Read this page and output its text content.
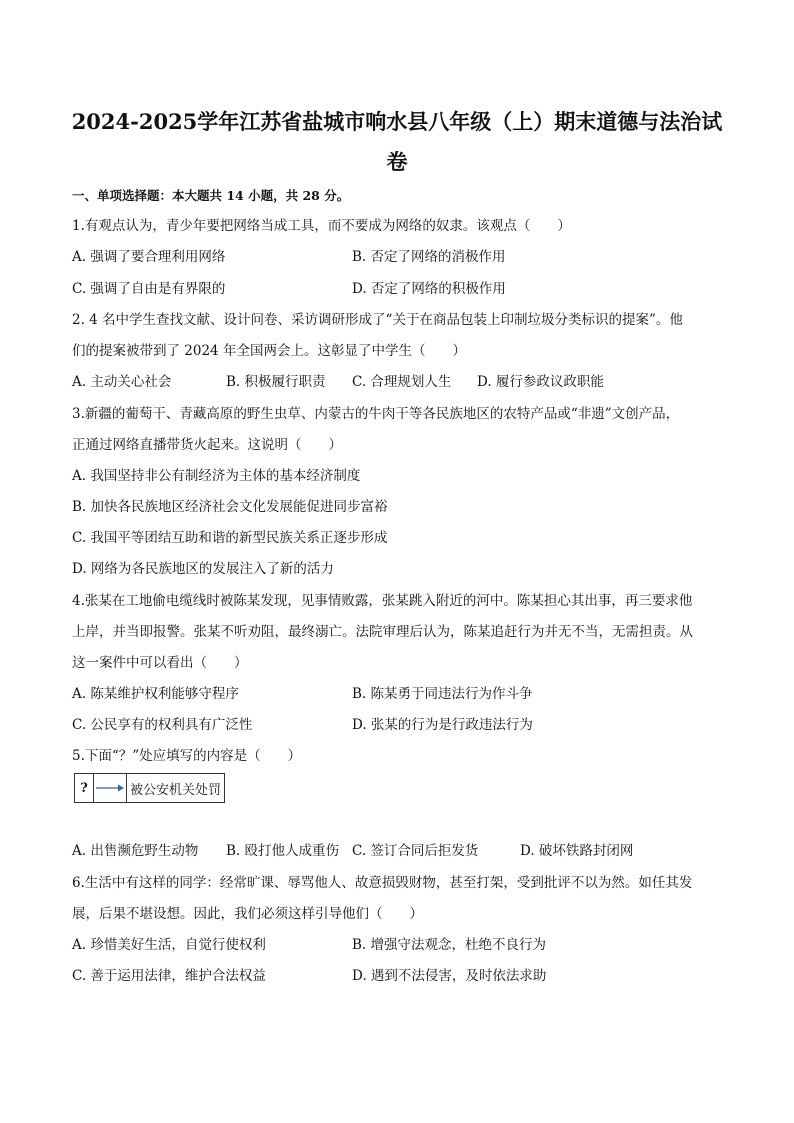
2024-2025学年江苏省盐城市响水县八年级（上）期末道德与法治试
卷
一、单项选择题：本大题共 14 小题，共 28 分。
1.有观点认为，青少年要把网络当成工具，而不要成为网络的奴隶。该观点（　　）
A. 强调了要合理利用网络	B. 否定了网络的消极作用
C. 强调了自由是有界限的	D. 否定了网络的积极作用
2. 4 名中学生查找文献、设计问卷、采访调研形成了“关于在商品包装上印制垃圾分类标识的提案”。他
们的提案被带到了 2024 年全国两会上。这彰显了中学生（　　）
A. 主动关心社会	B. 积极履行职责 C. 合理规划人生 D. 履行参政议政职能
3.新疆的葡萄干、青藏高原的野生虫草、内蒙古的牛肉干等各民族地区的农特产品或“非遗”文创产品，
正通过网络直播带货火起来。这说明（　　）
A. 我国坚持非公有制经济为主体的基本经济制度
B. 加快各民族地区经济社会文化发展能促进同步富裕
C. 我国平等团结互助和谐的新型民族关系正逐步形成
D. 网络为各民族地区的发展注入了新的活力
4.张某在工地偷电缆线时被陈某发现，见事情败露，张某跳入附近的河中。陈某担心其出事，再三要求他
上岸，并当即报警。张某不听劝阻，最终溺亡。法院审理后认为，陈某追赶行为并无不当，无需担责。从
这一案件中可以看出（　　）
A. 陈某维护权利能够守程序	B. 陈某勇于同违法行为作斗争
C. 公民享有的权利具有广泛性	D. 张某的行为是行政违法行为
5.下面“？”处应填写的内容是（　　）
?	被公安机关处罚
A. 出售濒危野生动物 B. 殴打他人成重伤 C. 签订合同后拒发货	D. 破坏铁路封闭网
6.生活中有这样的同学：经常旷课、辱骂他人、故意损毁财物，甚至打架，受到批评不以为然。如任其发
展，后果不堪设想。因此，我们必须这样引导他们（　　）
A. 珍惜美好生活，自觉行使权利	B. 增强守法观念，杜绝不良行为
C. 善于运用法律，维护合法权益	D. 遇到不法侵害，及时依法求助
